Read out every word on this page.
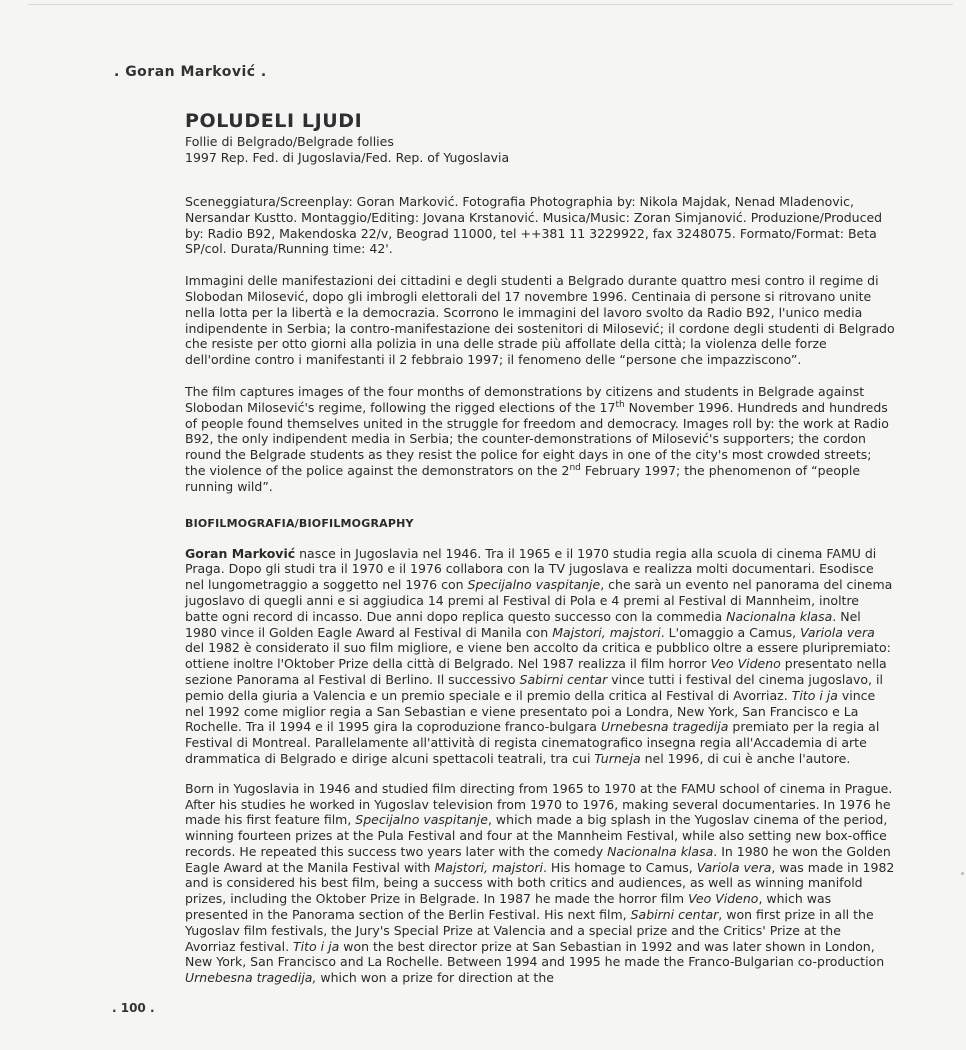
. Goran Marković .
POLUDELI LJUDI

Follie di Belgrado/Belgrade follies

1997 Rep. Fed. di Jugoslavia/Fed. Rep. of Yugoslavia

Sceneggiatura/Screenplay: Goran Marković. Fotografia Photographia by: Nikola Majdak, Nenad Mladenovic, Nersandar Kustto. Montaggio/Editing: Jovana Krstanović. Musica/Music: Zoran Simjanović. Produzione/Produced by: Radio B92, Makendoska 22/v, Beograd 11000, tel ++381 11 3229922, fax 3248075. Formato/Format: Beta SP/col. Durata/Running time: 42'.

Immagini delle manifestazioni dei cittadini e degli studenti a Belgrado durante quattro mesi contro il regime di Slobodan Milosević, dopo gli imbrogli elettorali del 17 novembre 1996. Centinaia di persone si ritrovano unite nella lotta per la libertà e la democrazia. Scorrono le immagini del lavoro svolto da Radio B92, l'unico media indipendente in Serbia; la contro-manifestazione dei sostenitori di Milosević; il cordone degli studenti di Belgrado che resiste per otto giorni alla polizia in una delle strade più affollate della città; la violenza delle forze dell'ordine contro i manifestanti il 2 febbraio 1997; il fenomeno delle “persone che impazziscono”.

The film captures images of the four months of demonstrations by citizens and students in Belgrade against Slobodan Milosević's regime, following the rigged elections of the 17th November 1996. Hundreds and hundreds of people found themselves united in the struggle for freedom and democracy. Images roll by: the work at Radio B92, the only indipendent media in Serbia; the counter-demonstrations of Milosević's supporters; the cordon round the Belgrade students as they resist the police for eight days in one of the city's most crowded streets; the violence of the police against the demonstrators on the 2nd February 1997; the phenomenon of “people running wild”.

BIOFILMOGRAFIA/BIOFILMOGRAPHY

Goran Marković nasce in Jugoslavia nel 1946. Tra il 1965 e il 1970 studia regia alla scuola di cinema FAMU di Praga. Dopo gli studi tra il 1970 e il 1976 collabora con la TV jugoslava e realizza molti documentari. Esodisce nel lungometraggio a soggetto nel 1976 con Specijalno vaspitanje, che sarà un evento nel panorama del cinema jugoslavo di quegli anni e si aggiudica 14 premi al Festival di Pola e 4 premi al Festival di Mannheim, inoltre batte ogni record di incasso. Due anni dopo replica questo successo con la commedia Nacionalna klasa. Nel 1980 vince il Golden Eagle Award al Festival di Manila con Majstori, majstori. L'omaggio a Camus, Variola vera del 1982 è considerato il suo film migliore, e viene ben accolto da critica e pubblico oltre a essere pluripremiato: ottiene inoltre l'Oktober Prize della città di Belgrado. Nel 1987 realizza il film horror Veo Videno presentato nella sezione Panorama al Festival di Berlino. Il successivo Sabirni centar vince tutti i festival del cinema jugoslavo, il pemio della giuria a Valencia e un premio speciale e il premio della critica al Festival di Avorriaz. Tito i ja vince nel 1992 come miglior regia a San Sebastian e viene presentato poi a Londra, New York, San Francisco e La Rochelle. Tra il 1994 e il 1995 gira la coproduzione franco-bulgara Urnebesna tragedija premiato per la regia al Festival di Montreal. Parallelamente all'attività di regista cinematografico insegna regia all'Accademia di arte drammatica di Belgrado e dirige alcuni spettacoli teatrali, tra cui Turneja nel 1996, di cui è anche l'autore.

Born in Yugoslavia in 1946 and studied film directing from 1965 to 1970 at the FAMU school of cinema in Prague. After his studies he worked in Yugoslav television from 1970 to 1976, making several documentaries. In 1976 he made his first feature film, Specijalno vaspitanje, which made a big splash in the Yugoslav cinema of the period, winning fourteen prizes at the Pula Festival and four at the Mannheim Festival, while also setting new box-office records. He repeated this success two years later with the comedy Nacionalna klasa. In 1980 he won the Golden Eagle Award at the Manila Festival with Majstori, majstori. His homage to Camus, Variola vera, was made in 1982 and is considered his best film, being a success with both critics and audiences, as well as winning manifold prizes, including the Oktober Prize in Belgrade. In 1987 he made the horror film Veo Videno, which was presented in the Panorama section of the Berlin Festival. His next film, Sabirni centar, won first prize in all the Yugoslav film festivals, the Jury's Special Prize at Valencia and a special prize and the Critics' Prize at the Avorriaz festival. Tito i ja won the best director prize at San Sebastian in 1992 and was later shown in London, New York, San Francisco and La Rochelle. Between 1994 and 1995 he made the Franco-Bulgarian co-production Urnebesna tragedija, which won a prize for direction at the

. 100 .
